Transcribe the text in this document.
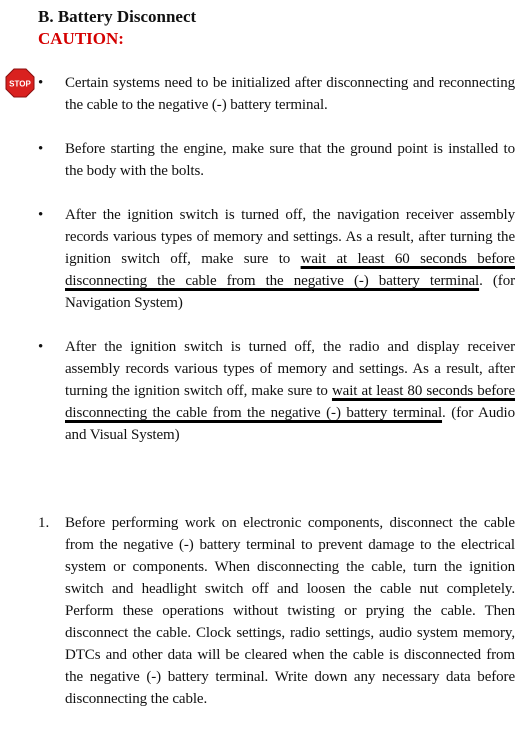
B. Battery Disconnect
CAUTION:
STOP • Certain systems need to be initialized after disconnecting and reconnecting the cable to the negative (-) battery terminal.

• Before starting the engine, make sure that the ground point is installed to the body with the bolts.

• After the ignition switch is turned off, the navigation receiver assembly records various types of memory and settings. As a result, after turning the ignition switch off, make sure to wait at least 60 seconds before disconnecting the cable from the negative (-) battery terminal. (for Navigation System)

• After the ignition switch is turned off, the radio and display receiver assembly records various types of memory and settings. As a result, after turning the ignition switch off, make sure to wait at least 80 seconds before disconnecting the cable from the negative (-) battery terminal. (for Audio and Visual System)

1. Before performing work on electronic components, disconnect the cable from the negative (-) battery terminal to prevent damage to the electrical system or components. When disconnecting the cable, turn the ignition switch and headlight switch off and loosen the cable nut completely. Perform these operations without twisting or prying the cable. Then disconnect the cable. Clock settings, radio settings, audio system memory, DTCs and other data will be cleared when the cable is disconnected from the negative (-) battery terminal. Write down any necessary data before disconnecting the cable.
